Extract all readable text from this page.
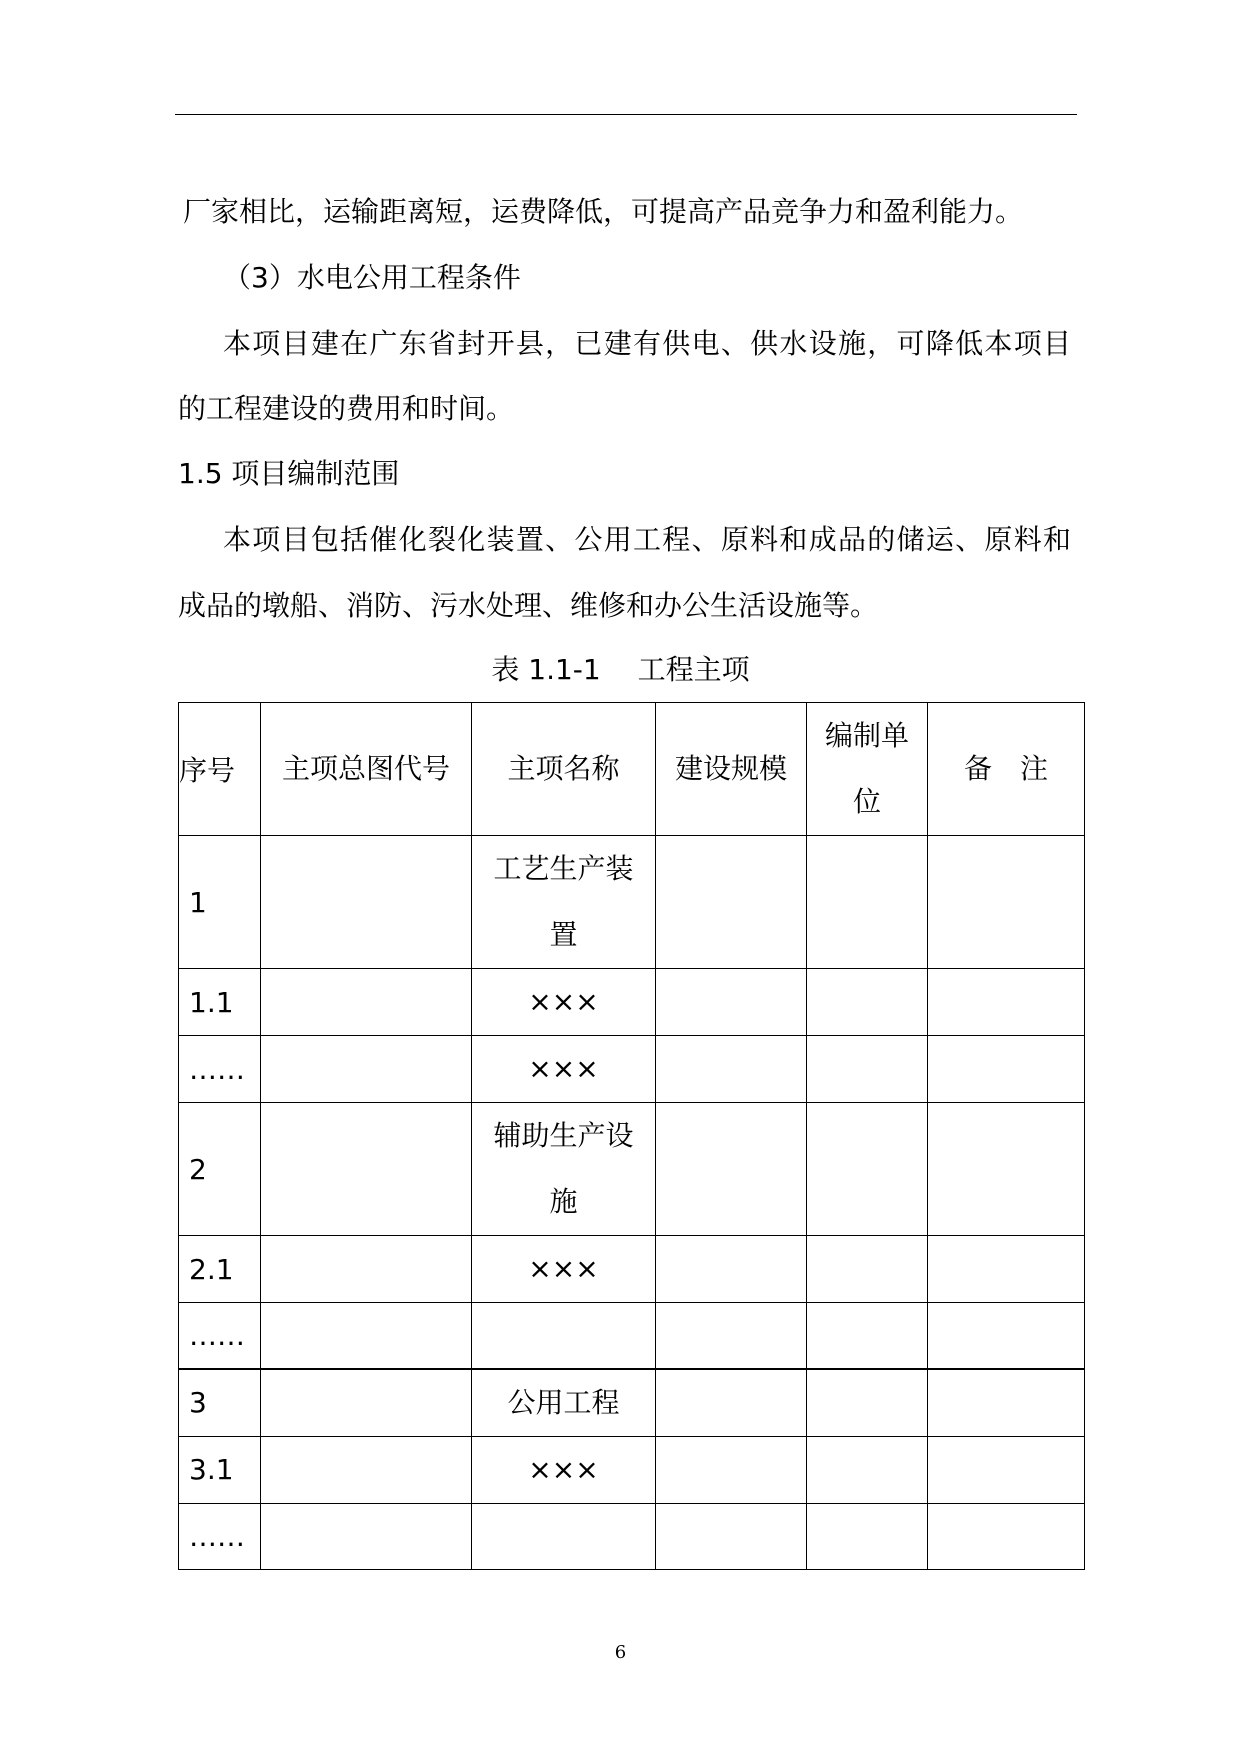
厂家相比，运输距离短，运费降低，可提高产品竞争力和盈利能力。
（3）水电公用工程条件
本项目建在广东省封开县，已建有供电、供水设施，可降低本项目
的工程建设的费用和时间。
1.5 项目编制范围
本项目包括催化裂化装置、公用工程、原料和成品的储运、原料和
成品的墩船、消防、污水处理、维修和办公生活设施等。
表 1.1-1　 工程主项
序号	主项总图代号	主项名称	建设规模	编制单位	备　注
1		工艺生产装置			
1.1		×××			
……		×××			
2		辅助生产设施			
2.1		×××			
……					
3		公用工程			
3.1		×××			
……					
6
